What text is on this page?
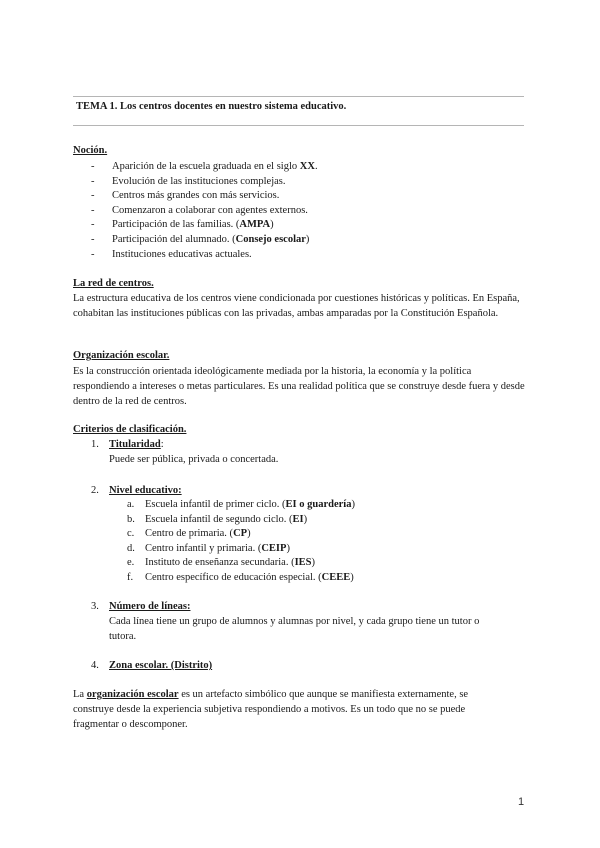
TEMA 1. Los centros docentes en nuestro sistema educativo.
Noción.
- Aparición de la escuela graduada en el siglo XX.
- Evolución de las instituciones complejas.
- Centros más grandes con más servicios.
- Comenzaron a colaborar con agentes externos.
- Participación de las familias. (AMPA)
- Participación del alumnado. (Consejo escolar)
- Instituciones educativas actuales.
La red de centros.
La estructura educativa de los centros viene condicionada por cuestiones históricas y políticas. En España, cohabitan las instituciones públicas con las privadas, ambas amparadas por la Constitución Española.
Organización escolar.
Es la construcción orientada ideológicamente mediada por la historia, la economía y la política respondiendo a intereses o metas particulares. Es una realidad política que se construye desde fuera y desde dentro de la red de centros.
Criterios de clasificación.
1. Titularidad:
Puede ser pública, privada o concertada.
2. Nivel educativo:
a. Escuela infantil de primer ciclo. (EI o guardería)
b. Escuela infantil de segundo ciclo. (EI)
c. Centro de primaria. (CP)
d. Centro infantil y primaria. (CEIP)
e. Instituto de enseñanza secundaria. (IES)
f. Centro específico de educación especial. (CEEE)
3. Número de líneas:
Cada línea tiene un grupo de alumnos y alumnas por nivel, y cada grupo tiene un tutor o tutora.
4. Zona escolar. (Distrito)
La organización escolar es un artefacto simbólico que aunque se manifiesta externamente, se construye desde la experiencia subjetiva respondiendo a motivos. Es un todo que no se puede fragmentar o descomponer.
1
